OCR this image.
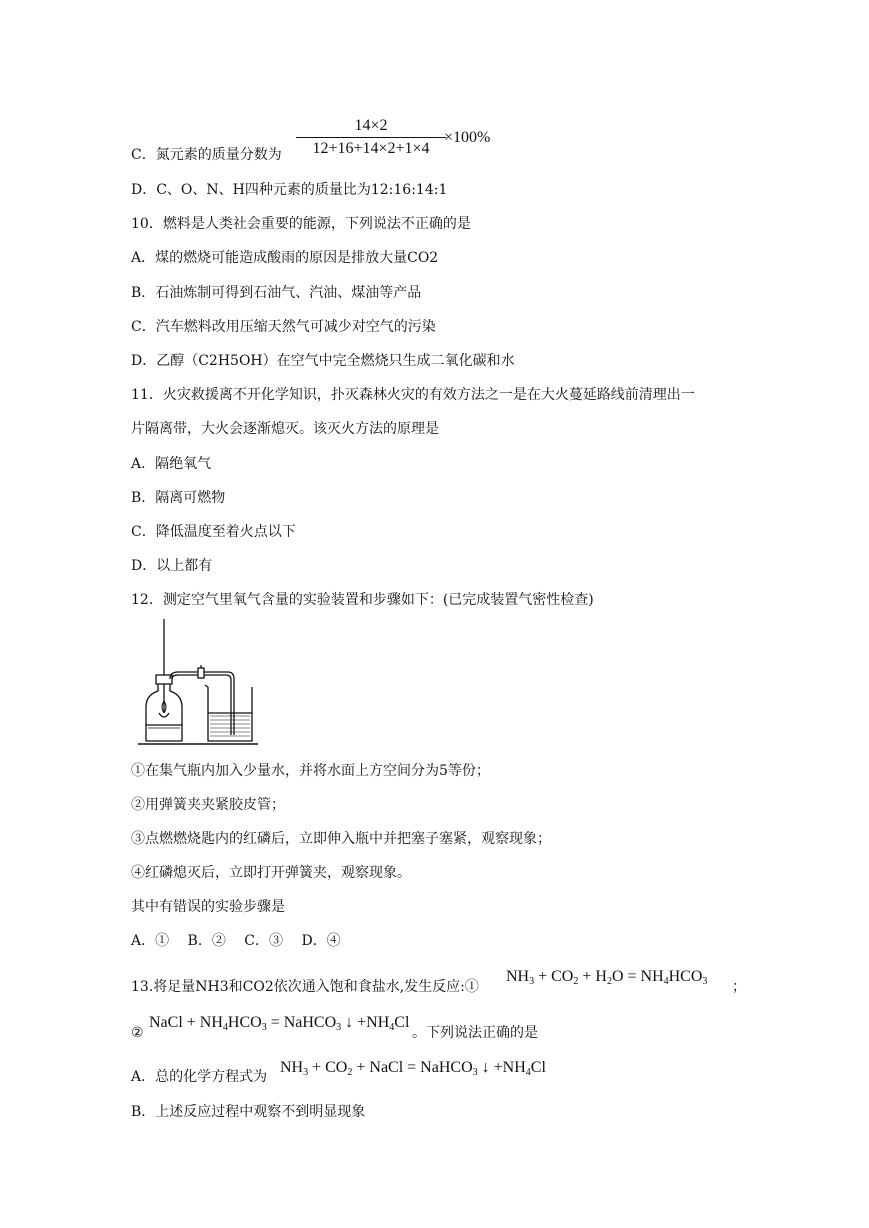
C．氮元素的质量分数为
14×2
12+16+14×2+1×4
×100%
D．C、O、N、H四种元素的质量比为12:16:14:1
10．燃料是人类社会重要的能源，下列说法不正确的是
A．煤的燃烧可能造成酸雨的原因是排放大量CO2
B．石油炼制可得到石油气、汽油、煤油等产品
C．汽车燃料改用压缩天然气可减少对空气的污染
D．乙醇（C2H5OH）在空气中完全燃烧只生成二氧化碳和水
11．火灾救援离不开化学知识，扑灭森林火灾的有效方法之一是在大火蔓延路线前清理出一
片隔离带，大火会逐渐熄灭。该灭火方法的原理是
A．隔绝氧气
B．隔离可燃物
C．降低温度至着火点以下
D．以上都有
12．测定空气里氧气含量的实验装置和步骤如下：(已完成装置气密性检查)
①在集气瓶内加入少量水，并将水面上方空间分为5等份；
②用弹簧夹夹紧胶皮管；
③点燃燃烧匙内的红磷后，立即伸入瓶中并把塞子塞紧，观察现象；
④红磷熄灭后，立即打开弹簧夹，观察现象。
其中有错误的实验步骤是
A．①　 B．②　 C．③　 D．④
13.将足量NH3和CO2依次通入饱和食盐水,发生反应:①
$NH_3 + CO_2 + H_2O = NH_4HCO_3$ ；
②
NaCl + $NH_4HCO_3$ = NaHCO$_3$ ↓ $+NH_4Cl$
。下列说法正确的是
A．总的化学方程式为
$NH_3 + CO_2$ + NaCl = NaHCO$_3$ ↓ $+NH_4Cl$
B．上述反应过程中观察不到明显现象
